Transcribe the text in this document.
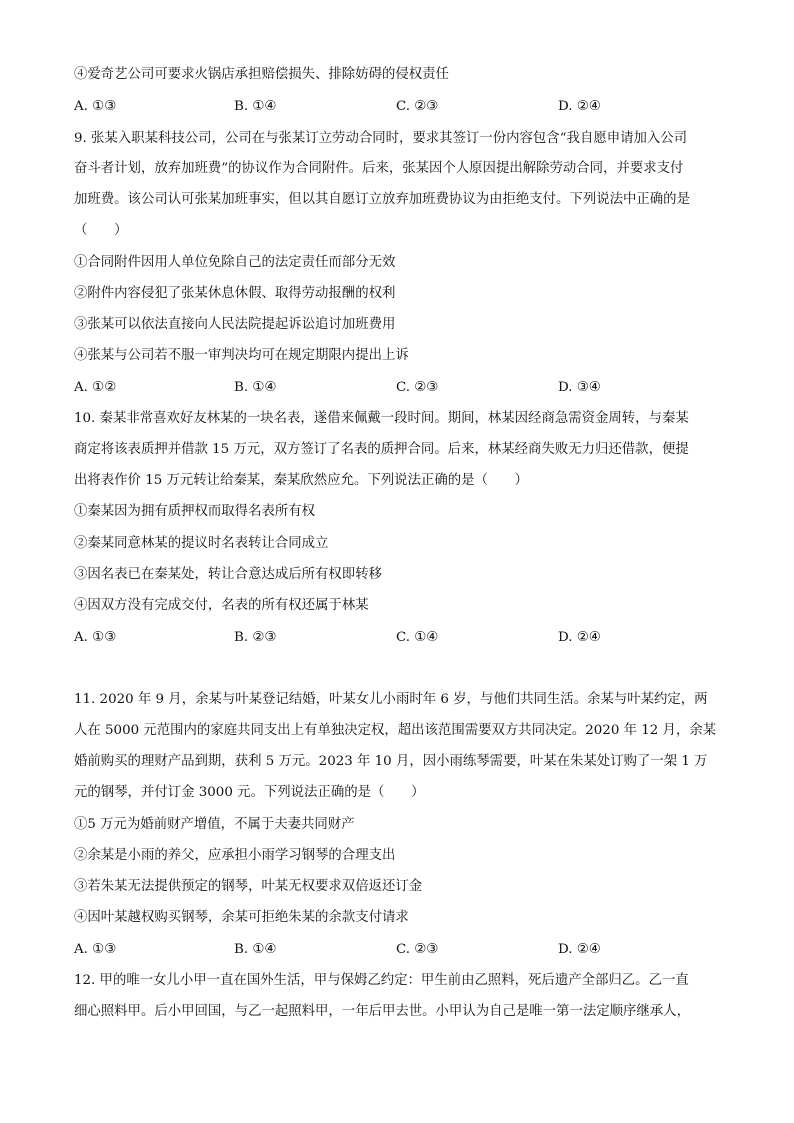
④爱奇艺公司可要求火锅店承担赔偿损失、排除妨碍的侵权责任
A. ①③	B. ①④	C. ②③	D. ②④
9. 张某入职某科技公司，公司在与张某订立劳动合同时，要求其签订一份内容包含“我自愿申请加入公司
奋斗者计划，放弃加班费”的协议作为合同附件。后来，张某因个人原因提出解除劳动合同，并要求支付
加班费。该公司认可张某加班事实，但以其自愿订立放弃加班费协议为由拒绝支付。下列说法中正确的是
（　　）
①合同附件因用人单位免除自己的法定责任而部分无效
②附件内容侵犯了张某休息休假、取得劳动报酬的权利
③张某可以依法直接向人民法院提起诉讼追讨加班费用
④张某与公司若不服一审判决均可在规定期限内提出上诉
A. ①②	B. ①④	C. ②③	D. ③④
10. 秦某非常喜欢好友林某的一块名表，遂借来佩戴一段时间。期间，林某因经商急需资金周转，与秦某
商定将该表质押并借款 15 万元，双方签订了名表的质押合同。后来，林某经商失败无力归还借款，便提
出将表作价 15 万元转让给秦某，秦某欣然应允。下列说法正确的是（　　）
①秦某因为拥有质押权而取得名表所有权
②秦某同意林某的提议时名表转让合同成立
③因名表已在秦某处，转让合意达成后所有权即转移
④因双方没有完成交付，名表的所有权还属于林某
A. ①③	B. ②③	C. ①④	D. ②④
11. 2020 年 9 月，余某与叶某登记结婚，叶某女儿小雨时年 6 岁，与他们共同生活。余某与叶某约定，两
人在 5000 元范围内的家庭共同支出上有单独决定权，超出该范围需要双方共同决定。2020 年 12 月，余某
婚前购买的理财产品到期，获利 5 万元。2023 年 10 月，因小雨练琴需要，叶某在朱某处订购了一架 1 万
元的钢琴，并付订金 3000 元。下列说法正确的是（　　）
①5 万元为婚前财产增值，不属于夫妻共同财产
②余某是小雨的养父，应承担小雨学习钢琴的合理支出
③若朱某无法提供预定的钢琴，叶某无权要求双倍返还订金
④因叶某越权购买钢琴，余某可拒绝朱某的余款支付请求
A. ①③	B. ①④	C. ②③	D. ②④
12. 甲的唯一女儿小甲一直在国外生活，甲与保姆乙约定：甲生前由乙照料，死后遗产全部归乙。乙一直
细心照料甲。后小甲回国，与乙一起照料甲，一年后甲去世。小甲认为自己是唯一第一法定顺序继承人，
